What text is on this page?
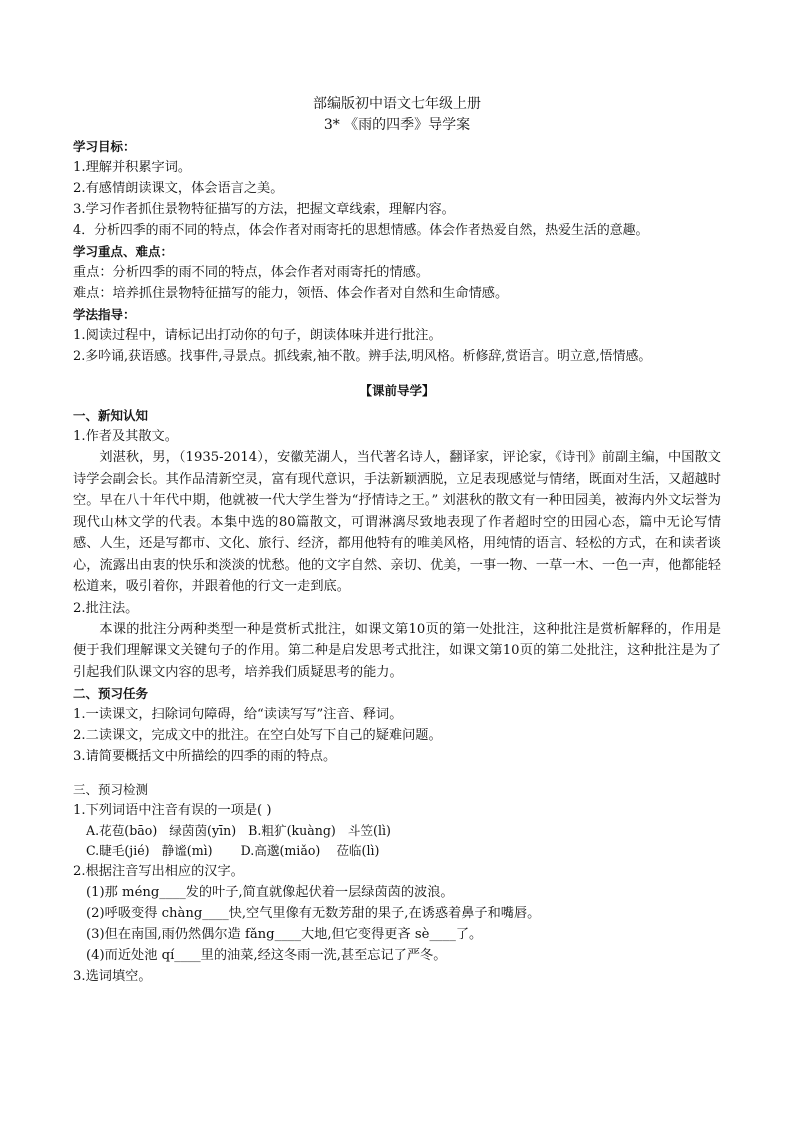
部编版初中语文七年级上册
3* 《雨的四季》导学案
学习目标：
1.理解并积累字词。
2.有感情朗读课文，体会语言之美。
3.学习作者抓住景物特征描写的方法，把握文章线索，理解内容。
4．分析四季的雨不同的特点，体会作者对雨寄托的思想情感。体会作者热爱自然，热爱生活的意趣。
学习重点、难点：
重点：分析四季的雨不同的特点，体会作者对雨寄托的情感。
难点：培养抓住景物特征描写的能力，领悟、体会作者对自然和生命情感。
学法指导：
1.阅读过程中，请标记出打动你的句子，朗读体味并进行批注。
2.多吟诵,获语感。找事件,寻景点。抓线索,袖不散。辨手法,明风格。析修辞,赏语言。明立意,悟情感。
【课前导学】
一、新知认知
1.作者及其散文。
刘湛秋，男，（1935-2014），安徽芜湖人，当代著名诗人，翻译家，评论家，《诗刊》前副主编，中国散文诗学会副会长。其作品清新空灵，富有现代意识，手法新颖洒脱，立足表现感觉与情绪，既面对生活，又超越时空。早在八十年代中期，他就被一代大学生誉为“抒情诗之王。” 刘湛秋的散文有一种田园美，被海内外文坛誉为现代山林文学的代表。本集中选的80篇散文，可谓淋漓尽致地表现了作者超时空的田园心态，篇中无论写情感、人生，还是写都市、文化、旅行、经济，都用他特有的唯美风格，用纯情的语言、轻松的方式，在和读者谈心，流露出由衷的快乐和淡淡的忧愁。他的文字自然、亲切、优美，一事一物、一草一木、一色一声，他都能轻松道来，吸引着你，并跟着他的行文一走到底。
2.批注法。
本课的批注分两种类型一种是赏析式批注，如课文第10页的第一处批注，这种批注是赏析解释的，作用是便于我们理解课文关键句子的作用。第二种是启发思考式批注，如课文第10页的第二处批注，这种批注是为了引起我们队课文内容的思考，培养我们质疑思考的能力。
二、预习任务
1.一读课文，扫除词句障碍，给“读读写写”注音、释词。
2.二读课文，完成文中的批注。在空白处写下自己的疑难问题。
3.请简要概括文中所描绘的四季的雨的特点。
三、预习检测
1.下列词语中注音有误的一项是( )
A.花苞(bāo)   绿茵茵(yīn)   B.粗犷(kuàng)   斗笠(lì)
C.睫毛(jié)   静谧(mì)       D.高邈(miǎo)    莅临(lì)
2.根据注音写出相应的汉字。
(1)那 méng____发的叶子,简直就像起伏着一层绿茵茵的波浪。
(2)呼吸变得 chàng____快,空气里像有无数芳甜的果子,在诱惑着鼻子和嘴唇。
(3)但在南国,雨仍然偶尔造 fǎng____大地,但它变得更吝 sè____了。
(4)而近处池 qí____里的油菜,经这冬雨一洗,甚至忘记了严冬。
3.选词填空。
